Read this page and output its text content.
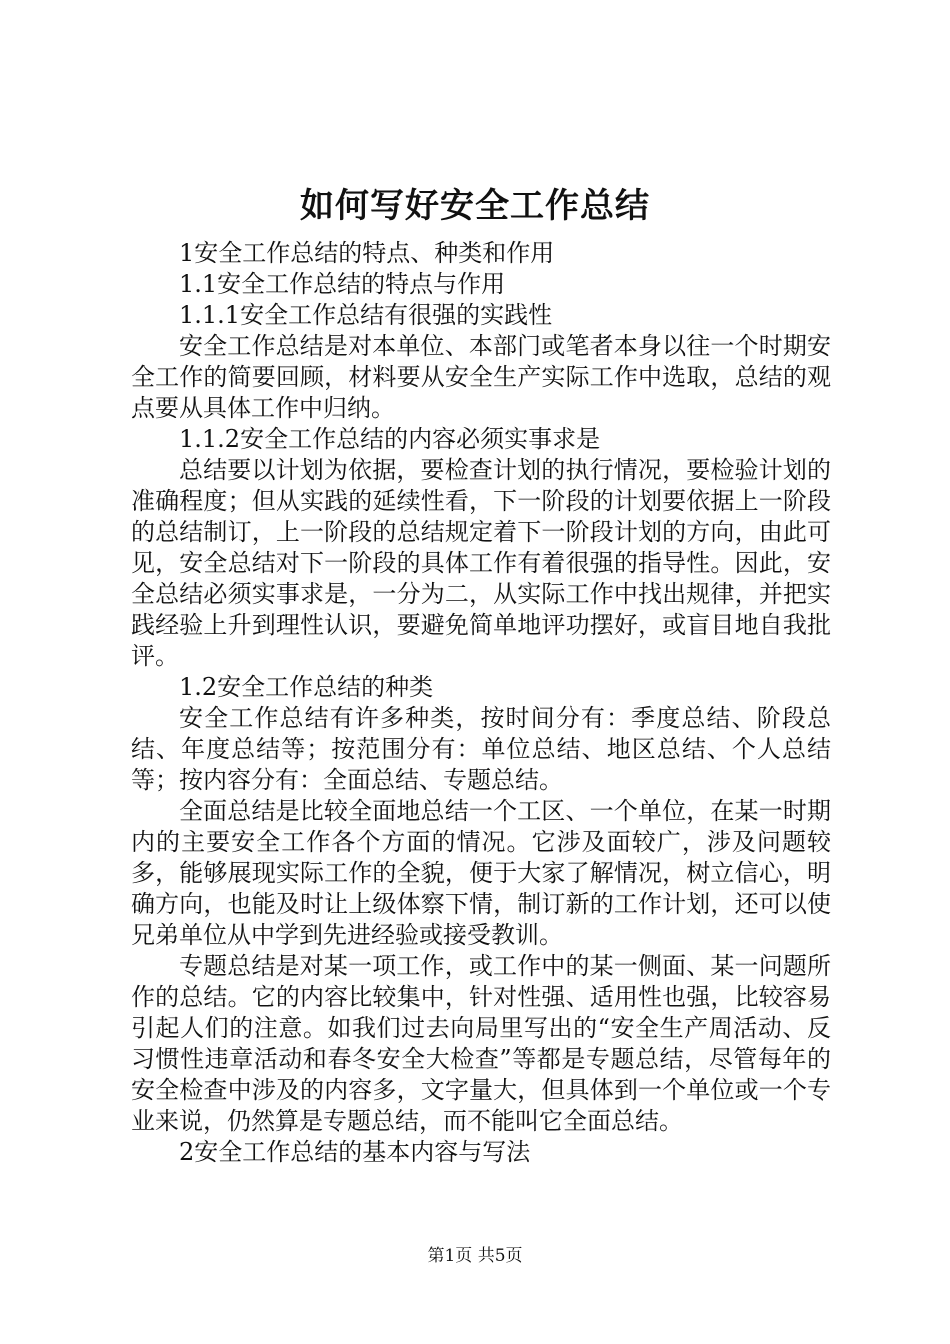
如何写好安全工作总结

1安全工作总结的特点、种类和作用

1.1安全工作总结的特点与作用

1.1.1安全工作总结有很强的实践性

安全工作总结是对本单位、本部门或笔者本身以往一个时期安全工作的简要回顾，材料要从安全生产实际工作中选取，总结的观点要从具体工作中归纳。

1.1.2安全工作总结的内容必须实事求是

总结要以计划为依据，要检查计划的执行情况，要检验计划的准确程度；但从实践的延续性看，下一阶段的计划要依据上一阶段的总结制订，上一阶段的总结规定着下一阶段计划的方向，由此可见，安全总结对下一阶段的具体工作有着很强的指导性。因此，安全总结必须实事求是，一分为二，从实际工作中找出规律，并把实践经验上升到理性认识，要避免简单地评功摆好，或盲目地自我批评。

1.2安全工作总结的种类

安全工作总结有许多种类，按时间分有：季度总结、阶段总结、年度总结等；按范围分有：单位总结、地区总结、个人总结等；按内容分有：全面总结、专题总结。

全面总结是比较全面地总结一个工区、一个单位，在某一时期内的主要安全工作各个方面的情况。它涉及面较广，涉及问题较多，能够展现实际工作的全貌，便于大家了解情况，树立信心，明确方向，也能及时让上级体察下情，制订新的工作计划，还可以使兄弟单位从中学到先进经验或接受教训。

专题总结是对某一项工作，或工作中的某一侧面、某一问题所作的总结。它的内容比较集中，针对性强、适用性也强，比较容易引起人们的注意。如我们过去向局里写出的“安全生产周活动、反习惯性违章活动和春冬安全大检查”等都是专题总结，尽管每年的安全检查中涉及的内容多，文字量大，但具体到一个单位或一个专业来说，仍然算是专题总结，而不能叫它全面总结。

2安全工作总结的基本内容与写法

第1页 共5页
